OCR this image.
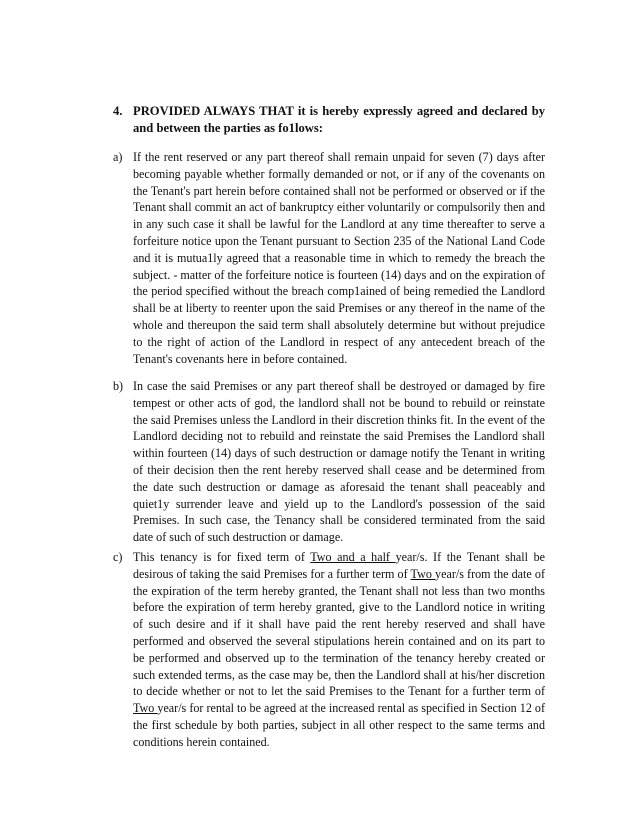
4. PROVIDED ALWAYS THAT it is hereby expressly agreed and declared by and between the parties as fo1lows:
a) If the rent reserved or any part thereof shall remain unpaid for seven (7) days after becoming payable whether formally demanded or not, or if any of the covenants on the Tenant's part herein before contained shall not be performed or observed or if the Tenant shall commit an act of bankruptcy either voluntarily or compulsorily then and in any such case it shall be lawful for the Landlord at any time thereafter to serve a forfeiture notice upon the Tenant pursuant to Section 235 of the National Land Code and it is mutua1ly agreed that a reasonable time in which to remedy the breach the subject. - matter of the forfeiture notice is fourteen (14) days and on the expiration of the period specified without the breach comp1ained of being remedied the Landlord shall be at liberty to reenter upon the said Premises or any thereof in the name of the whole and thereupon the said term shall absolutely determine but without prejudice to the right of action of the Landlord in respect of any antecedent breach of the Tenant's covenants here in before contained.
b) In case the said Premises or any part thereof shall be destroyed or damaged by fire tempest or other acts of god, the landlord shall not be bound to rebuild or reinstate the said Premises unless the Landlord in their discretion thinks fit. In the event of the Landlord deciding not to rebuild and reinstate the said Premises the Landlord shall within fourteen (14) days of such destruction or damage notify the Tenant in writing of their decision then the rent hereby reserved shall cease and be determined from the date such destruction or damage as aforesaid the tenant shall peaceably and quiet1y surrender leave and yield up to the Landlord's possession of the said Premises. In such case, the Tenancy shall be considered terminated from the said date of such of such destruction or damage.
c) This tenancy is for fixed term of Two and a half year/s. If the Tenant shall be desirous of taking the said Premises for a further term of Two year/s from the date of the expiration of the term hereby granted, the Tenant shall not less than two months before the expiration of term hereby granted, give to the Landlord notice in writing of such desire and if it shall have paid the rent hereby reserved and shall have performed and observed the several stipulations herein contained and on its part to be performed and observed up to the termination of the tenancy hereby created or such extended terms, as the case may be, then the Landlord shall at his/her discretion to decide whether or not to let the said Premises to the Tenant for a further term of Two year/s for rental to be agreed at the increased rental as specified in Section 12 of the first schedule by both parties, subject in all other respect to the same terms and conditions herein contained.
